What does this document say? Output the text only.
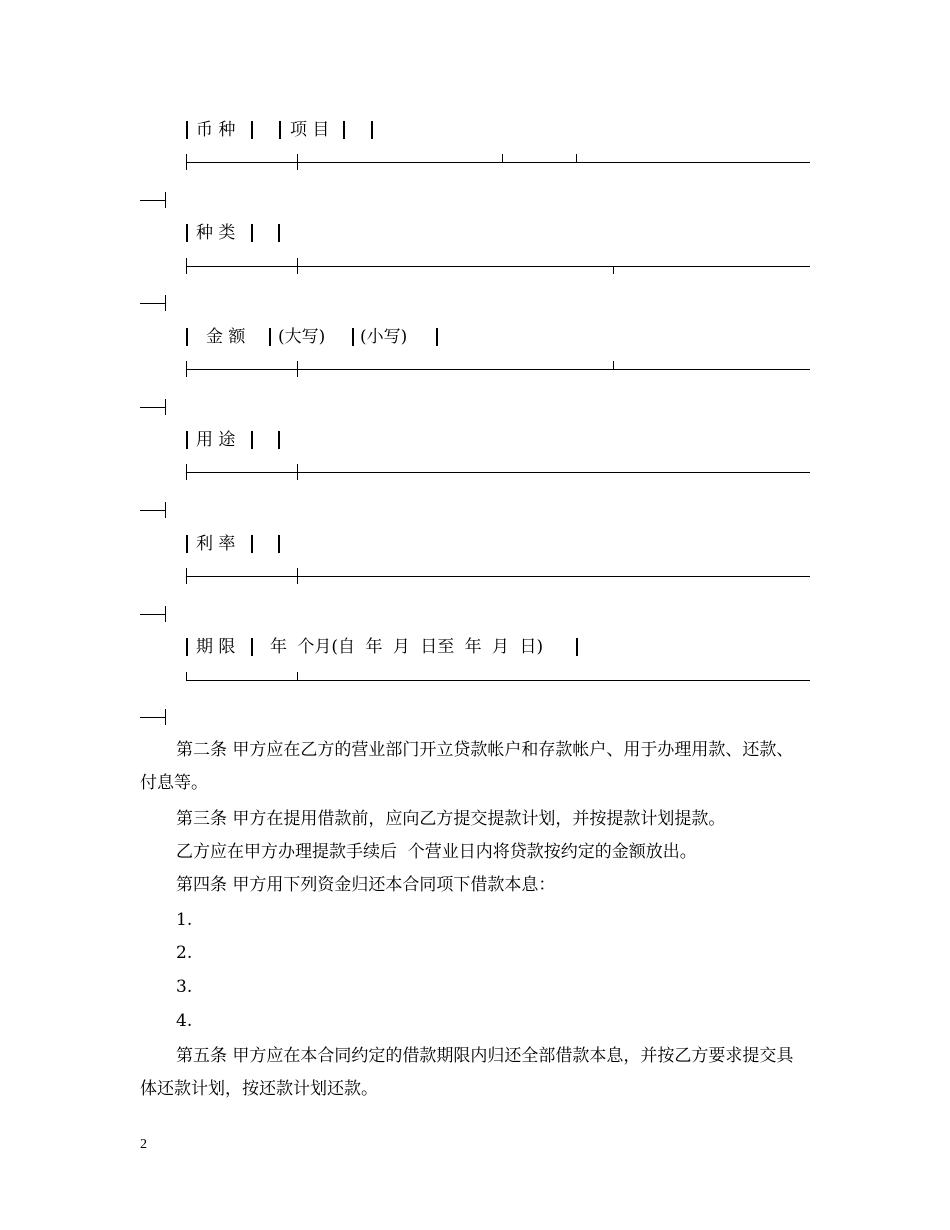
币 种	项 目
种 类
金 额 (大写) (小写)
用 途
利 率
期 限 年 个月(自 年 月 日至 年 月 日)
第二条 甲方应在乙方的营业部门开立贷款帐户和存款帐户、用于办理用款、还款、付息等。
第三条 甲方在提用借款前，应向乙方提交提款计划，并按提款计划提款。
乙方应在甲方办理提款手续后  个营业日内将贷款按约定的金额放出。
第四条 甲方用下列资金归还本合同项下借款本息：
1.
2.
3.
4.
第五条 甲方应在本合同约定的借款期限内归还全部借款本息，并按乙方要求提交具体还款计划，按还款计划还款。
2
